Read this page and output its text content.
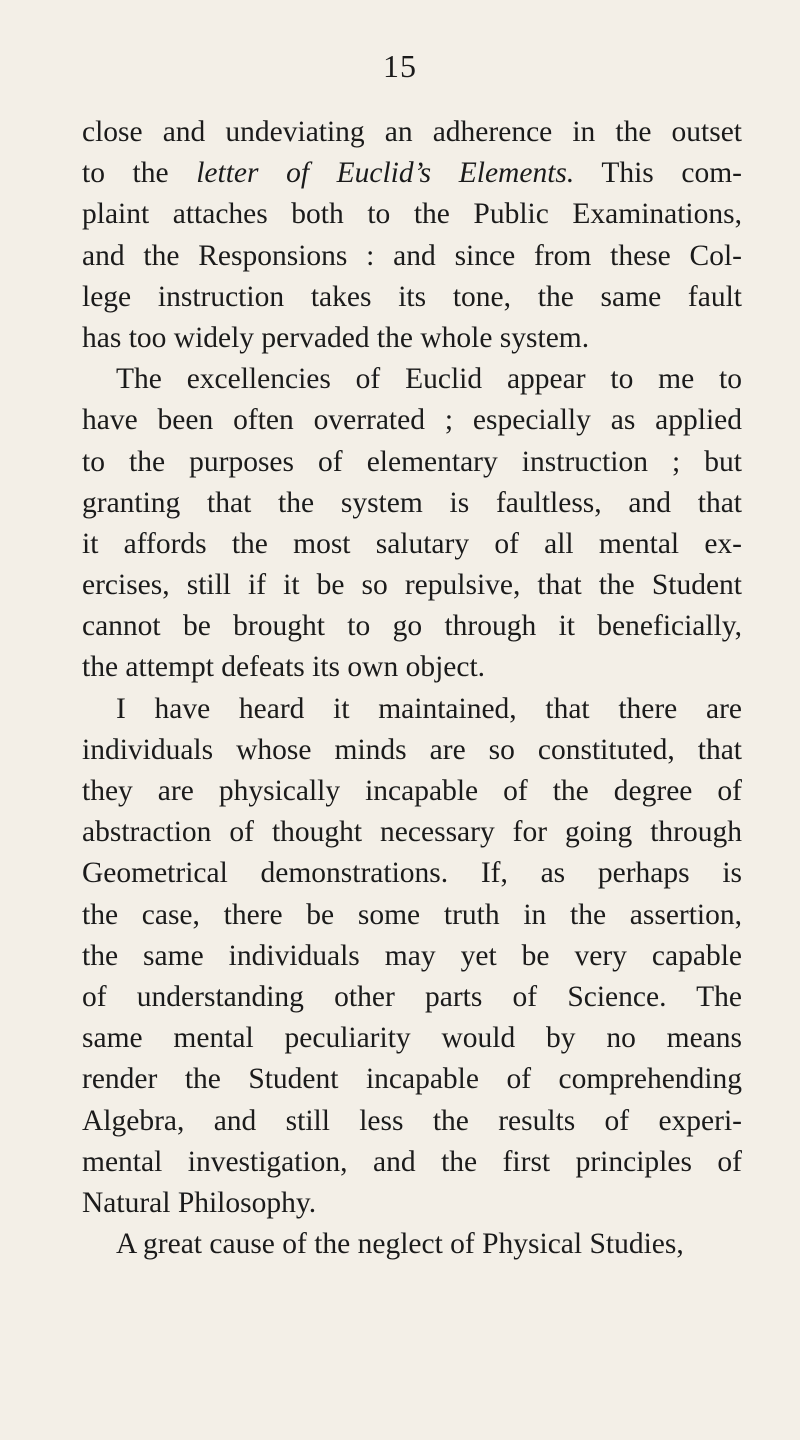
15
close and undeviating an adherence in the outset
to the letter of Euclid’s Elements. This com-
plaint attaches both to the Public Examinations,
and the Responsions : and since from these Col-
lege instruction takes its tone, the same fault
has too widely pervaded the whole system.
The excellencies of Euclid appear to me to
have been often overrated ; especially as applied
to the purposes of elementary instruction ; but
granting that the system is faultless, and that
it affords the most salutary of all mental ex-
ercises, still if it be so repulsive, that the Student
cannot be brought to go through it beneficially,
the attempt defeats its own object.
I have heard it maintained, that there are
individuals whose minds are so constituted, that
they are physically incapable of the degree of
abstraction of thought necessary for going through
Geometrical demonstrations. If, as perhaps is
the case, there be some truth in the assertion,
the same individuals may yet be very capable
of understanding other parts of Science. The
same mental peculiarity would by no means
render the Student incapable of comprehending
Algebra, and still less the results of experi-
mental investigation, and the first principles of
Natural Philosophy.
A great cause of the neglect of Physical Studies,
